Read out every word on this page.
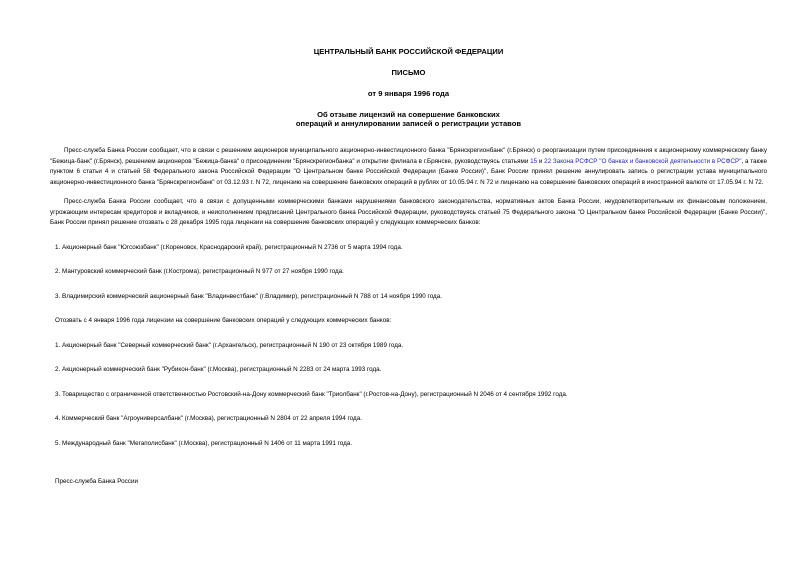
ЦЕНТРАЛЬНЫЙ БАНК РОССИЙСКОЙ ФЕДЕРАЦИИ
ПИСЬМО
от 9 января 1996 года
Об отзыве лицензий на совершение банковских
операций и аннулировании записей о регистрации уставов

Пресс-служба Банка России сообщает, что в связи с решением акционеров муниципального акционерно-инвестиционного банка "Брянскрегионбанк" (г.Брянск) о реорганизации путем присоединения к акционерному коммерческому банку "Бежица-банк" (г.Брянск), решением акционеров "Бежица-банка" о присоединении "Брянскрегионбанка" и открытии филиала в г.Брянске, руководствуясь статьями 15 и 22 Закона РСФСР "О банках и банковской деятельности в РСФСР", а также пунктом 6 статьи 4 и статьей 58 Федерального закона Российской Федерации "О Центральном банке Российской Федерации (Банке России)", Банк России принял решение аннулировать запись о регистрации устава муниципального акционерно-инвестиционного банка "Брянскрегионбанк" от 03.12.93 г. N 72, лицензию на совершение банковских операций в рублях от 10.05.94 г. N 72 и лицензию на совершение банковских операций в иностранной валюте от 17.05.94 г. N 72.

Пресс-служба Банка России сообщает, что в связи с допущенными коммерческими банками нарушениями банковского законодательства, нормативных актов Банка России, неудовлетворительным их финансовым положением, угрожающим интересам кредиторов и вкладчиков, и неисполнением предписаний Центрального банка Российской Федерации, руководствуясь статьей 75 Федерального закона "О Центральном банке Российской Федерации (Банке России)", Банк России принял решение отозвать с 28 декабря 1995 года лицензии на совершение банковских операций у следующих коммерческих банков:

1. Акционерный банк "Югсоюзбанк" (г.Кореновск, Краснодарский край), регистрационный N 2736 от 5 марта 1994 года.

2. Мантуровский коммерческий банк (г.Кострома), регистрационный N 977 от 27 ноября 1990 года.

3. Владимирский коммерческий акционерный банк "Владинвестбанк" (г.Владимир), регистрационный N 788 от 14 ноября 1990 года.

Отозвать с 4 января 1996 года лицензии на совершение банковских операций у следующих коммерческих банков:

1. Акционерный банк "Северный коммерческий банк" (г.Архангельск), регистрационный N 190 от 23 октября 1989 года.

2. Акционерный коммерческий банк "Рубикон-банк" (г.Москва), регистрационный N 2283 от 24 марта 1993 года.

3. Товарищество с ограниченной ответственностью Ростовский-на-Дону коммерческий банк "Триолбанк" (г.Ростов-на-Дону), регистрационный N 2046 от 4 сентября 1992 года.

4. Коммерческий банк "Агроуниверсалбанк" (г.Москва), регистрационный N 2804 от 22 апреля 1994 года.

5. Международный банк "Мегаполисбанк" (г.Москва), регистрационный N 1406 от 11 марта 1991 года.

Пресс-служба Банка России
